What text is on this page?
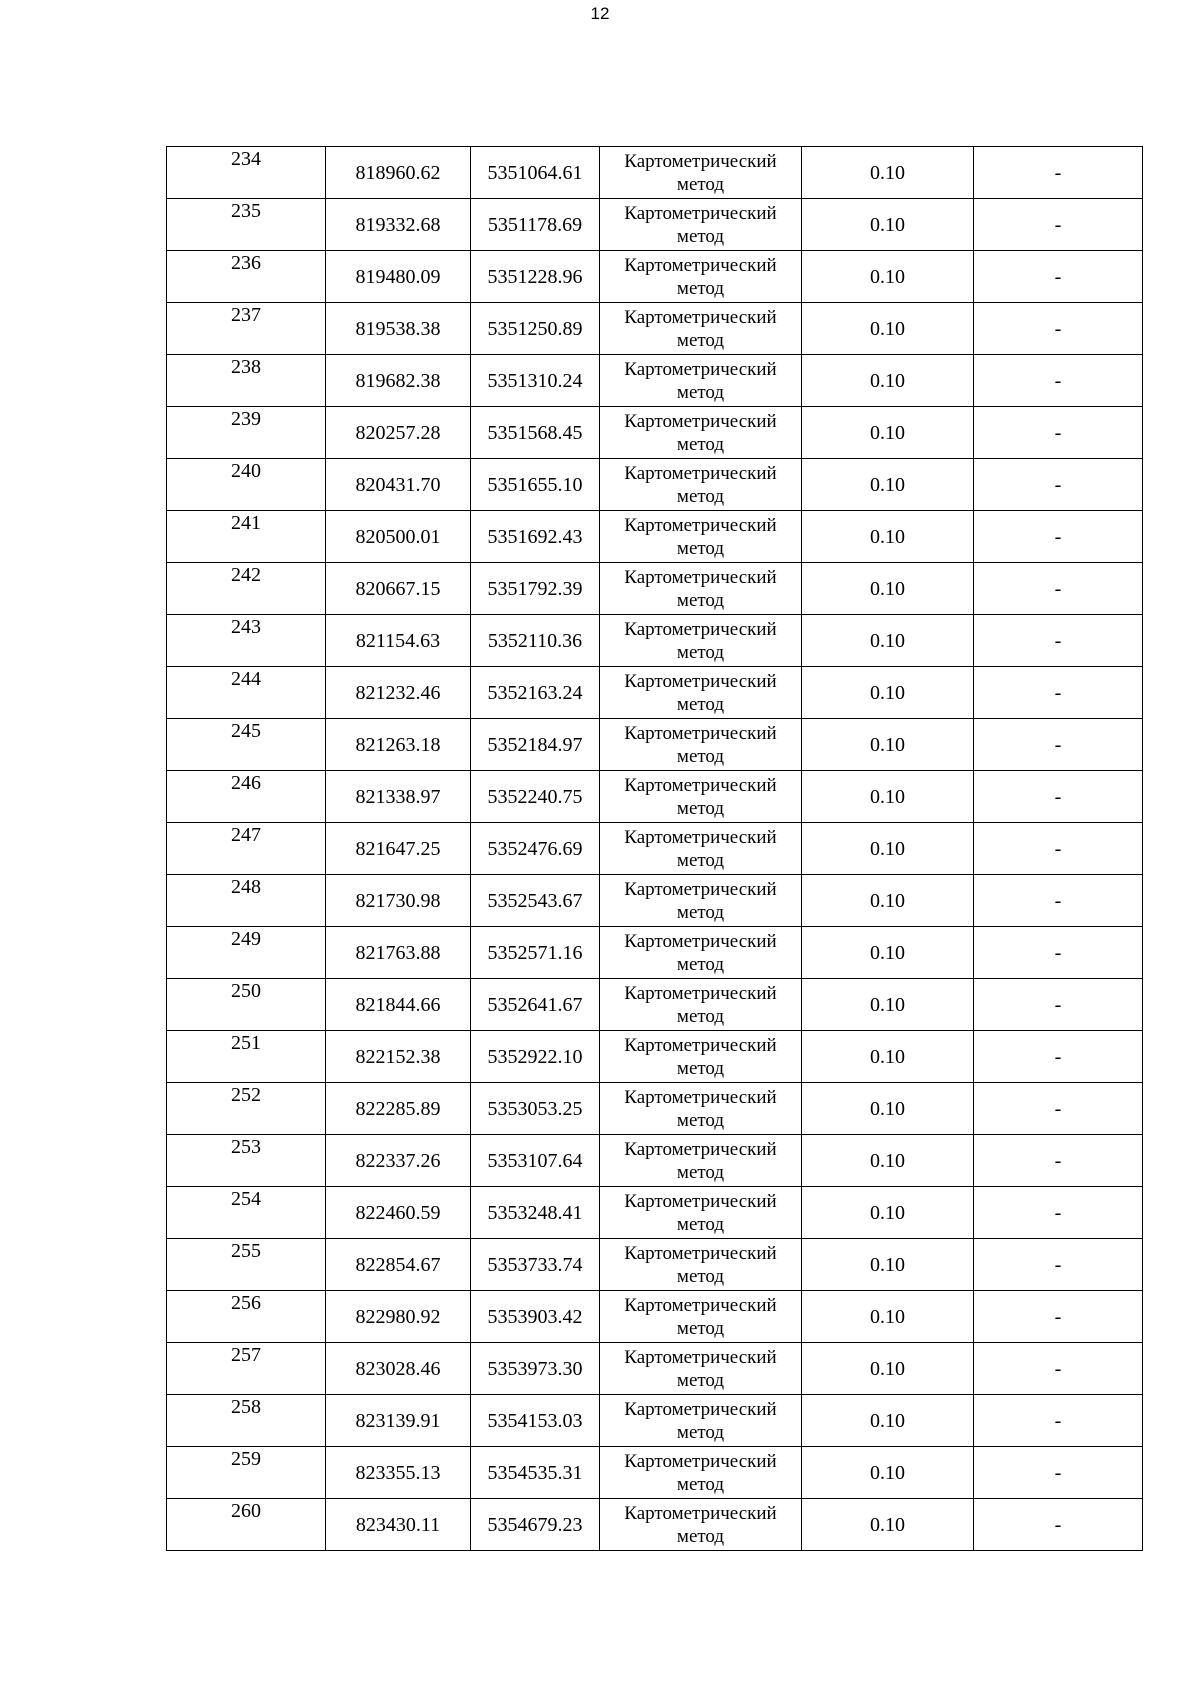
12
234	818960.62	5351064.61	Картометрический
метод	0.10	-
235	819332.68	5351178.69	Картометрический
метод	0.10	-
236	819480.09	5351228.96	Картометрический
метод	0.10	-
237	819538.38	5351250.89	Картометрический
метод	0.10	-
238	819682.38	5351310.24	Картометрический
метод	0.10	-
239	820257.28	5351568.45	Картометрический
метод	0.10	-
240	820431.70	5351655.10	Картометрический
метод	0.10	-
241	820500.01	5351692.43	Картометрический
метод	0.10	-
242	820667.15	5351792.39	Картометрический
метод	0.10	-
243	821154.63	5352110.36	Картометрический
метод	0.10	-
244	821232.46	5352163.24	Картометрический
метод	0.10	-
245	821263.18	5352184.97	Картометрический
метод	0.10	-
246	821338.97	5352240.75	Картометрический
метод	0.10	-
247	821647.25	5352476.69	Картометрический
метод	0.10	-
248	821730.98	5352543.67	Картометрический
метод	0.10	-
249	821763.88	5352571.16	Картометрический
метод	0.10	-
250	821844.66	5352641.67	Картометрический
метод	0.10	-
251	822152.38	5352922.10	Картометрический
метод	0.10	-
252	822285.89	5353053.25	Картометрический
метод	0.10	-
253	822337.26	5353107.64	Картометрический
метод	0.10	-
254	822460.59	5353248.41	Картометрический
метод	0.10	-
255	822854.67	5353733.74	Картометрический
метод	0.10	-
256	822980.92	5353903.42	Картометрический
метод	0.10	-
257	823028.46	5353973.30	Картометрический
метод	0.10	-
258	823139.91	5354153.03	Картометрический
метод	0.10	-
259	823355.13	5354535.31	Картометрический
метод	0.10	-
260	823430.11	5354679.23	Картометрический
метод	0.10	-
